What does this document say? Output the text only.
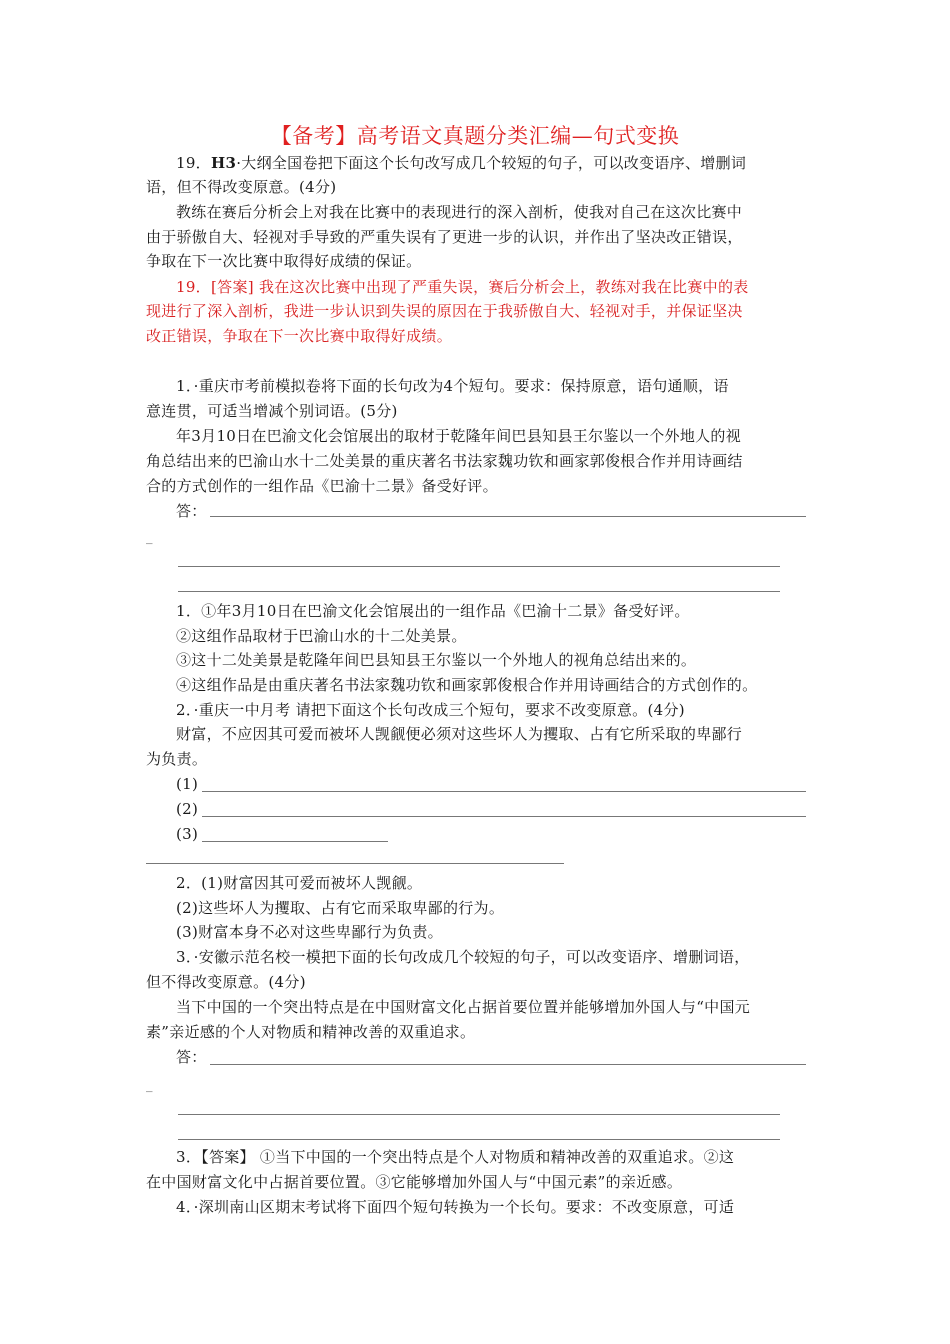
【备考】高考语文真题分类汇编—句式变换
19．H3·大纲全国卷把下面这个长句改写成几个较短的句子，可以改变语序、增删词
语，但不得改变原意。(4分)
教练在赛后分析会上对我在比赛中的表现进行的深入剖析，使我对自己在这次比赛中
由于骄傲自大、轻视对手导致的严重失误有了更进一步的认识，并作出了坚决改正错误，
争取在下一次比赛中取得好成绩的保证。
19．[答案] 我在这次比赛中出现了严重失误，赛后分析会上，教练对我在比赛中的表
现进行了深入剖析，我进一步认识到失误的原因在于我骄傲自大、轻视对手，并保证坚决
改正错误，争取在下一次比赛中取得好成绩。
1．·重庆市考前模拟卷将下面的长句改为4个短句。要求：保持原意，语句通顺，语
意连贯，可适当增减个别词语。(5分)
年3月10日在巴渝文化会馆展出的取材于乾隆年间巴县知县王尔鉴以一个外地人的视
角总结出来的巴渝山水十二处美景的重庆著名书法家魏功钦和画家郭俊根合作并用诗画结
合的方式创作的一组作品《巴渝十二景》备受好评。
答：
_
1．①年3月10日在巴渝文化会馆展出的一组作品《巴渝十二景》备受好评。
②这组作品取材于巴渝山水的十二处美景。
③这十二处美景是乾隆年间巴县知县王尔鉴以一个外地人的视角总结出来的。
④这组作品是由重庆著名书法家魏功钦和画家郭俊根合作并用诗画结合的方式创作的。
2．·重庆一中月考 请把下面这个长句改成三个短句，要求不改变原意。(4分)
财富，不应因其可爱而被坏人觊觎便必须对这些坏人为攫取、占有它所采取的卑鄙行
为负责。
(1)
(2)
(3)
2．(1)财富因其可爱而被坏人觊觎。
(2)这些坏人为攫取、占有它而采取卑鄙的行为。
(3)财富本身不必对这些卑鄙行为负责。
3．·安徽示范名校一模把下面的长句改成几个较短的句子，可以改变语序、增删词语，
但不得改变原意。(4分)
当下中国的一个突出特点是在中国财富文化占据首要位置并能够增加外国人与“中国元
素”亲近感的个人对物质和精神改善的双重追求。
答：
_
3．【答案】 ①当下中国的一个突出特点是个人对物质和精神改善的双重追求。②这
在中国财富文化中占据首要位置。③它能够增加外国人与“中国元素”的亲近感。
4．·深圳南山区期末考试将下面四个短句转换为一个长句。要求：不改变原意，可适
